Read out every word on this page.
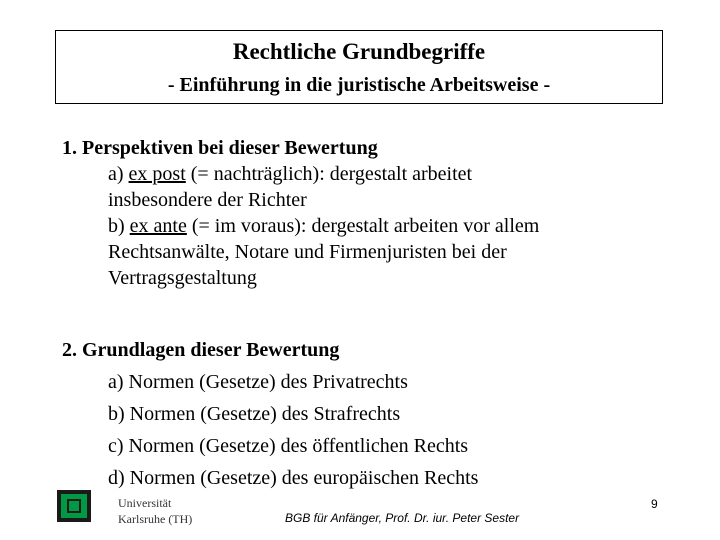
Rechtliche Grundbegriffe
- Einführung in die juristische Arbeitsweise -
1. Perspektiven bei dieser Bewertung
a) ex post (= nachträglich): dergestalt arbeitet
insbesondere der Richter
b) ex ante (= im voraus): dergestalt arbeiten vor allem
Rechtsanwälte, Notare und Firmenjuristen bei der
Vertragsgestaltung
2. Grundlagen dieser Bewertung
a) Normen (Gesetze) des Privatrechts
b) Normen (Gesetze) des Strafrechts
c) Normen (Gesetze) des öffentlichen Rechts
d) Normen (Gesetze) des europäischen Rechts
Universität
Karlsruhe (TH)	BGB für Anfänger, Prof. Dr. iur. Peter Sester
9
